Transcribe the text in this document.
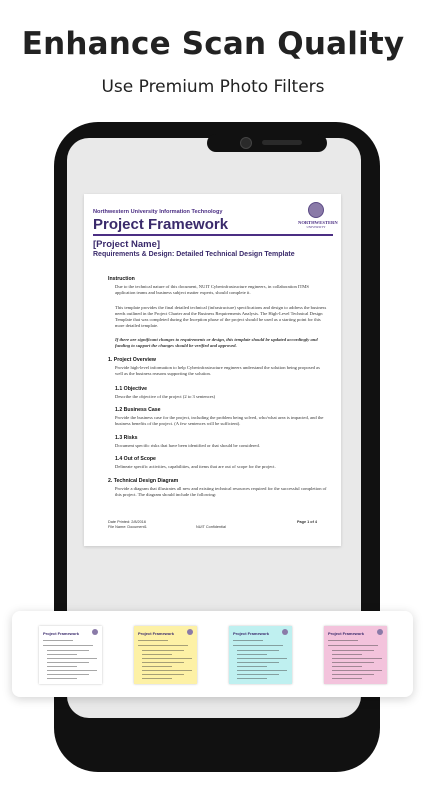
Enhance Scan Quality
Use Premium Photo Filters
Northwestern University Information Technology
Project Framework	NORTHWESTERN
UNIVERSITY
[Project Name]
Requirements & Design: Detailed Technical Design Template
Instruction
Due to the technical nature of this document, NUIT Cyberinfrastructure engineers, in collaboration ITMS application teams and business subject matter experts, should complete it.
This template provides the final detailed technical (infrastructure) specifications and design to address the business needs outlined in the Project Charter and the Business Requirements Analysis. The High-Level Technical Design Template that was completed during the Inception phase of the project should be used as a starting point for this more detailed template.
If there are significant changes to requirements or design, this template should be updated accordingly and funding to support the changes should be verified and approved.
1. Project Overview
Provide high-level information to help Cyberinfrastructure engineers understand the solution being proposed as well as the business reasons supporting the solution.
1.1 Objective
Describe the objective of the project (2 to 3 sentences)
1.2 Business Case
Provide the business case for the project, including the problem being solved, who/what area is impacted, and the business benefits of the project. (A few sentences will be sufficient).
1.3 Risks
Document specific risks that have been identified or that should be considered.
1.4 Out of Scope
Delineate specific activities, capabilities, and items that are out of scope for the project.
2. Technical Design Diagram
Provide a diagram that illustrates all new and existing technical resources required for the successful completion of this project. The diagram should include the following:
Date Printed: 2/8/2016
File Name: Document1	NUIT Confidential
Page 1 of 4
Project Framework	Project Framework	Project Framework	Project Framework
